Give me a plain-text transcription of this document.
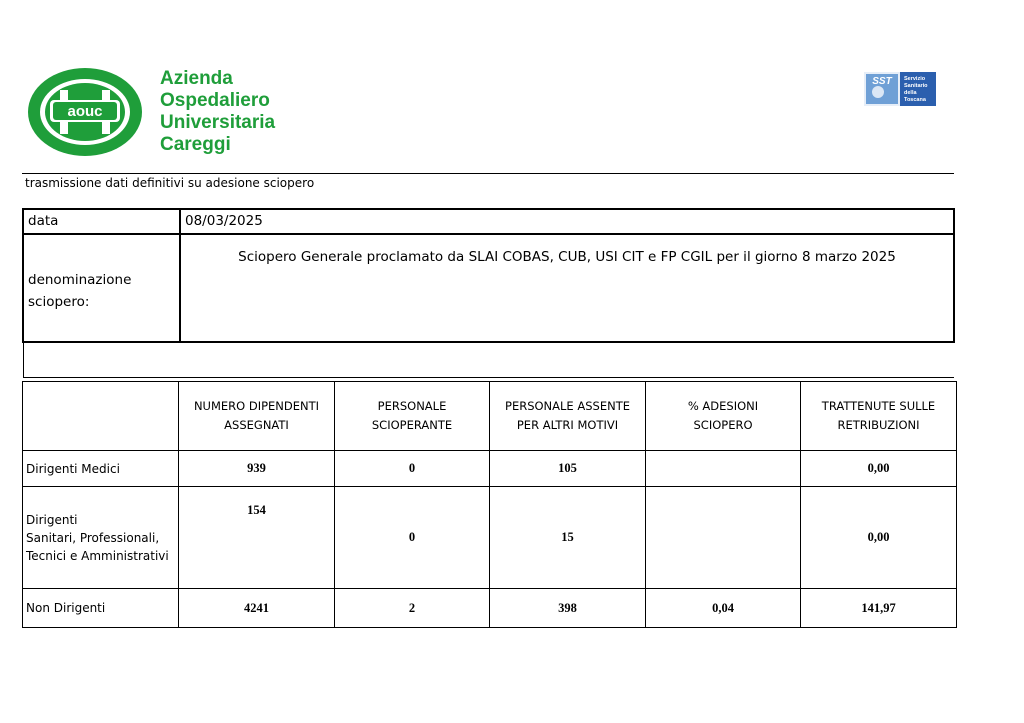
aouc
Azienda
Ospedaliero
Universitaria
Careggi
SST Servizio
Sanitario
della
Toscana
trasmissione dati definitivi su adesione sciopero
data	08/03/2025
denominazione sciopero:	Sciopero Generale proclamato da SLAI COBAS, CUB, USI CIT e FP CGIL per il giorno 8 marzo 2025

	NUMERO DIPENDENTI ASSEGNATI	PERSONALE SCIOPERANTE	PERSONALE ASSENTE PER ALTRI MOTIVI	% ADESIONI SCIOPERO	TRATTENUTE SULLE RETRIBUZIONI
Dirigenti Medici	939	0	105		0,00

Dirigenti
Sanitari, Professionali,
Tecnici e Amministrativi	154	0	15		0,00
Non Dirigenti	4241	2	398	0,04	141,97
